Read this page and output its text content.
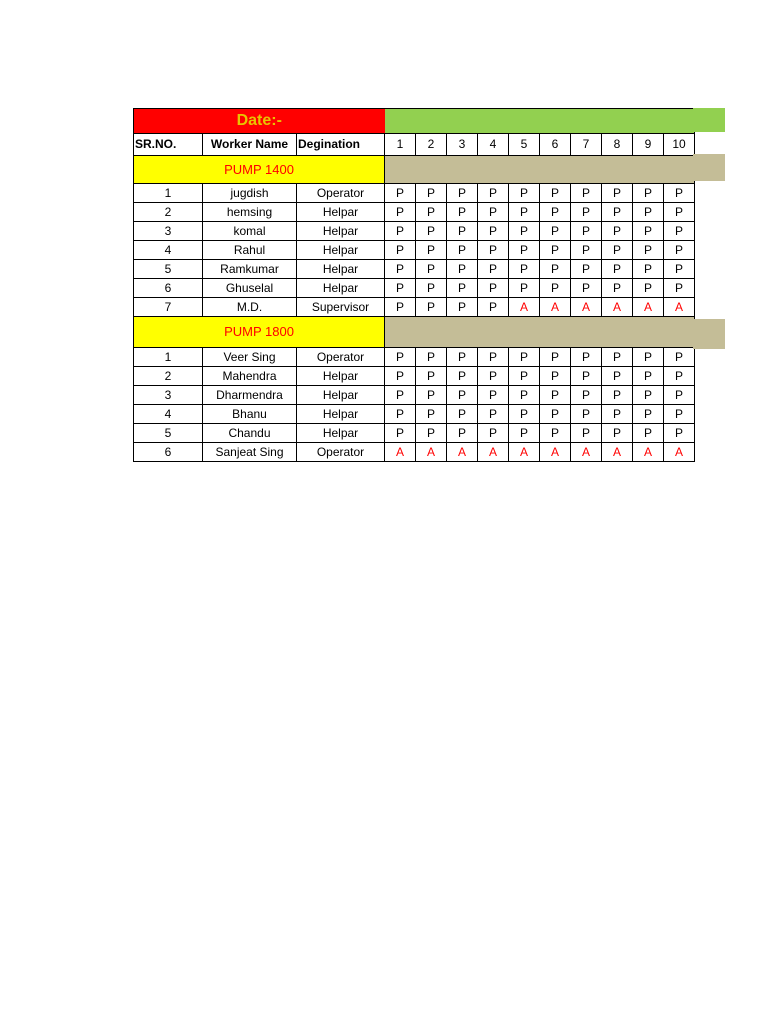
Date:-												
SR.NO.	Worker Name	Degination	1	2	3	4	5	6	7	8	9	10
PUMP 1400												
1	jugdish	Operator	P	P	P	P	P	P	P	P	P	P
2	hemsing	Helpar	P	P	P	P	P	P	P	P	P	P
3	komal	Helpar	P	P	P	P	P	P	P	P	P	P
4	Rahul	Helpar	P	P	P	P	P	P	P	P	P	P
5	Ramkumar	Helpar	P	P	P	P	P	P	P	P	P	P
6	Ghuselal	Helpar	P	P	P	P	P	P	P	P	P	P
7	M.D.	Supervisor	P	P	P	P	A	A	A	A	A	A
PUMP 1800												
1	Veer Sing	Operator	P	P	P	P	P	P	P	P	P	P
2	Mahendra	Helpar	P	P	P	P	P	P	P	P	P	P
3	Dharmendra	Helpar	P	P	P	P	P	P	P	P	P	P
4	Bhanu	Helpar	P	P	P	P	P	P	P	P	P	P
5	Chandu	Helpar	P	P	P	P	P	P	P	P	P	P
6	Sanjeat Sing	Operator	A	A	A	A	A	A	A	A	A	A
